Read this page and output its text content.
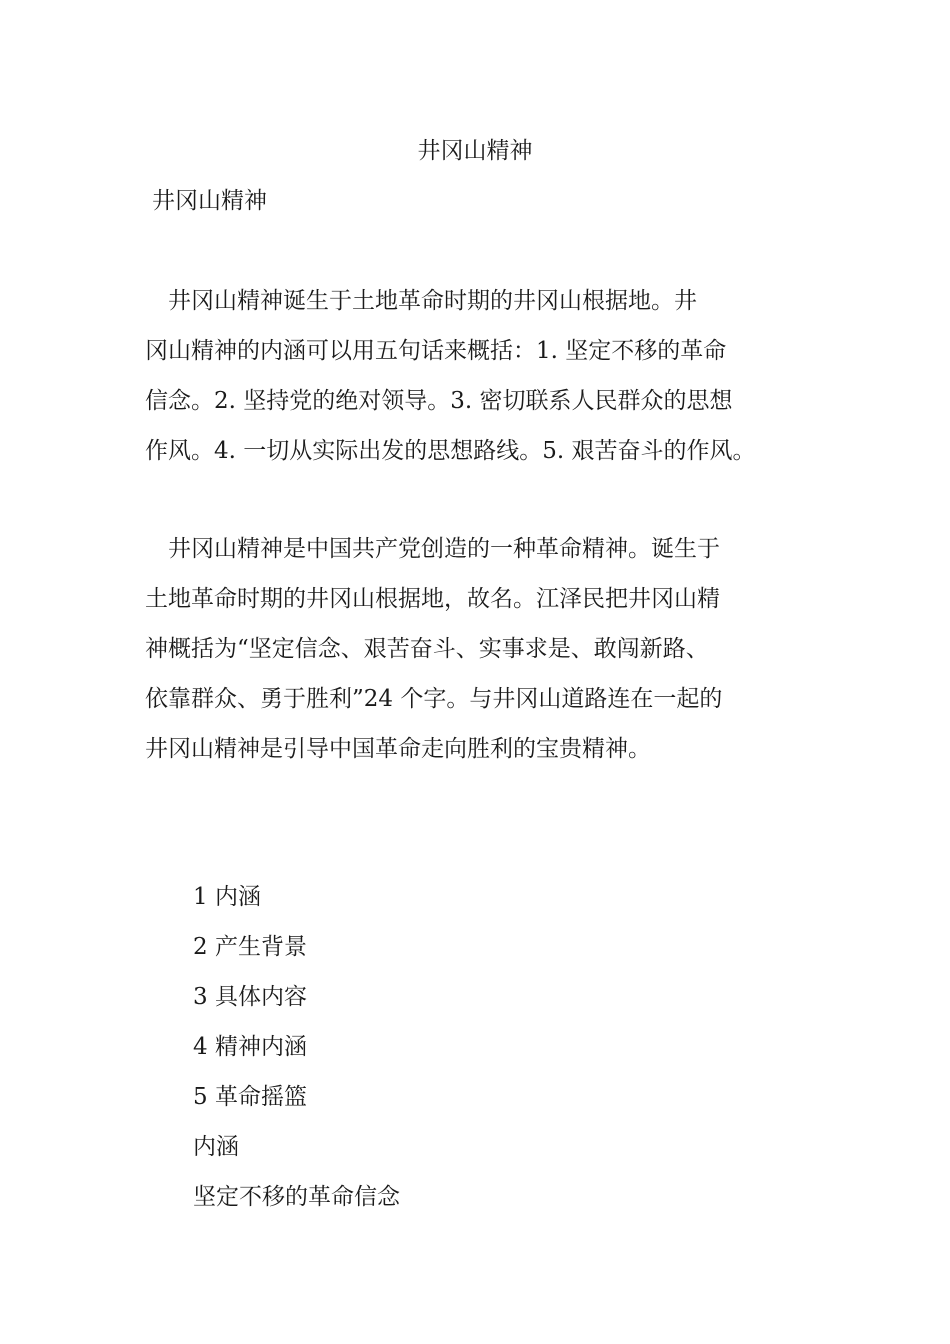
井冈山精神
井冈山精神

　井冈山精神诞生于土地革命时期的井冈山根据地。井
冈山精神的内涵可以用五句话来概括：1. 坚定不移的革命
信念。2. 坚持党的绝对领导。3. 密切联系人民群众的思想
作风。4. 一切从实际出发的思想路线。5. 艰苦奋斗的作风。

　井冈山精神是中国共产党创造的一种革命精神。诞生于
土地革命时期的井冈山根据地，故名。江泽民把井冈山精
神概括为“坚定信念、艰苦奋斗、实事求是、敢闯新路、
依靠群众、勇于胜利”24 个字。与井冈山道路连在一起的
井冈山精神是引导中国革命走向胜利的宝贵精神。

1 内涵
2 产生背景
3 具体内容
4 精神内涵
5 革命摇篮
内涵
坚定不移的革命信念
